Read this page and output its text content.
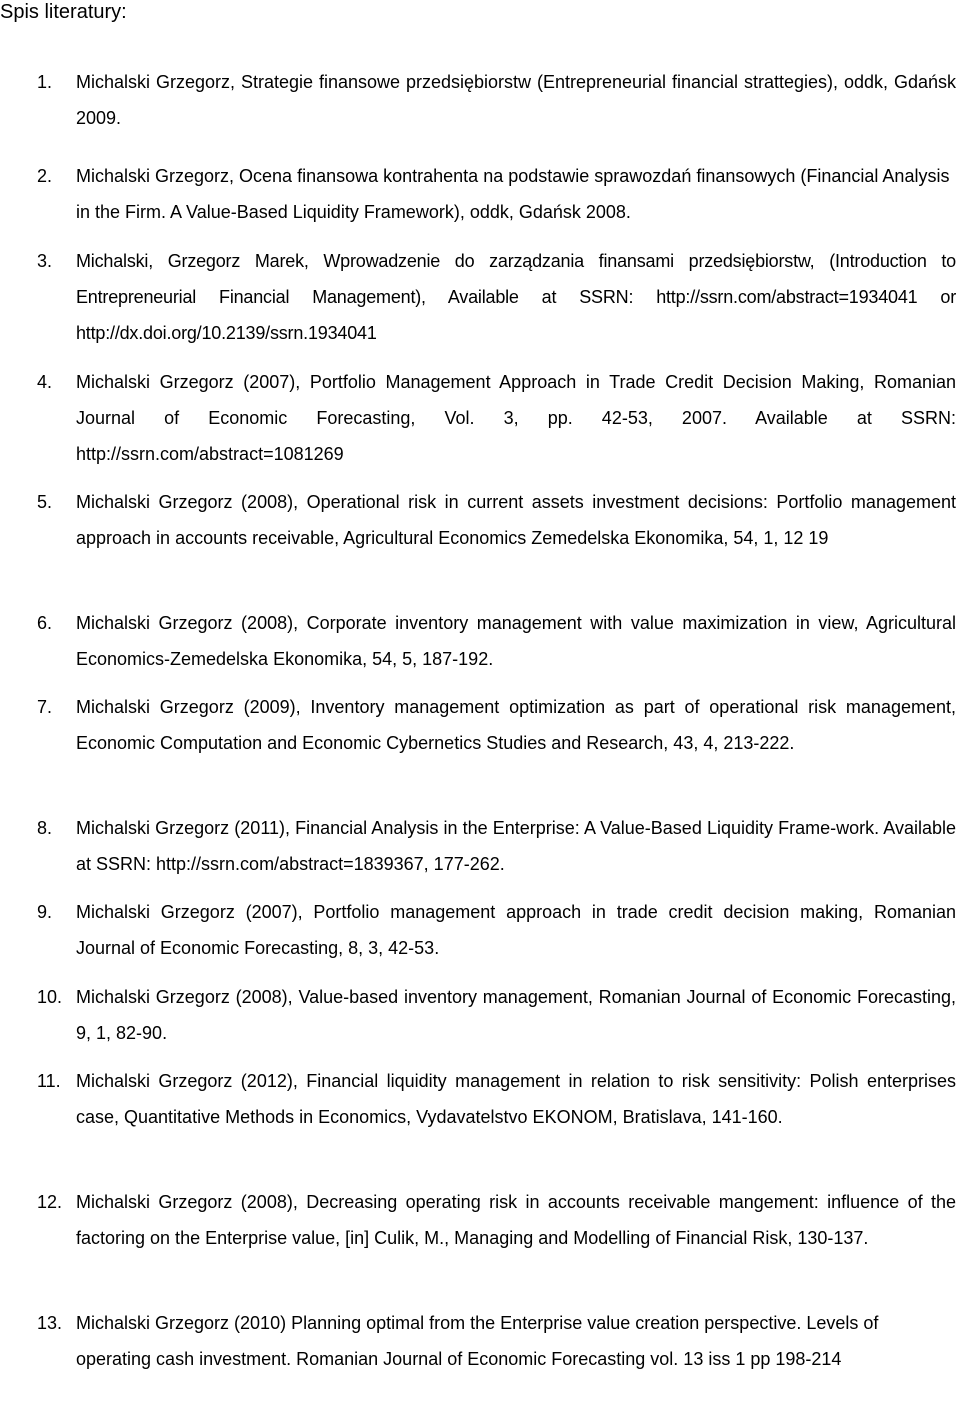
Spis literatury:
1. Michalski Grzegorz, Strategie finansowe przedsiębiorstw (Entrepreneurial financial strattegies), oddk, Gdańsk 2009.

2. Michalski Grzegorz, Ocena finansowa kontrahenta na podstawie sprawozdań finansowych (Financial Analysis in the Firm. A Value-Based Liquidity Framework), oddk, Gdańsk 2008.

3. Michalski, Grzegorz Marek, Wprowadzenie do zarządzania finansami przedsiębiorstw, (Introduction to Entrepreneurial Financial Management), Available at SSRN: http://ssrn.com/abstract=1934041 or http://dx.doi.org/10.2139/ssrn.1934041

4. Michalski Grzegorz (2007), Portfolio Management Approach in Trade Credit Decision Making, Romanian Journal of Economic Forecasting, Vol. 3, pp. 42-53, 2007. Available at SSRN: http://ssrn.com/abstract=1081269

5. Michalski Grzegorz (2008), Operational risk in current assets investment decisions: Portfolio management approach in accounts receivable, Agricultural Economics Zemedelska Ekonomika, 54, 1, 12 19

6. Michalski Grzegorz (2008), Corporate inventory management with value maximization in view, Agricultural Economics-Zemedelska Ekonomika, 54, 5, 187-192.

7. Michalski Grzegorz (2009), Inventory management optimization as part of operational risk management, Economic Computation and Economic Cybernetics Studies and Research, 43, 4, 213-222.

8. Michalski Grzegorz (2011), Financial Analysis in the Enterprise: A Value-Based Liquidity Frame-work. Available at SSRN: http://ssrn.com/abstract=1839367, 177-262.

9. Michalski Grzegorz (2007), Portfolio management approach in trade credit decision making, Romanian Journal of Economic Forecasting, 8, 3, 42-53.

10. Michalski Grzegorz (2008), Value-based inventory management, Romanian Journal of Economic Forecasting, 9, 1, 82-90.

11. Michalski Grzegorz (2012), Financial liquidity management in relation to risk sensitivity: Polish enterprises case, Quantitative Methods in Economics, Vydavatelstvo EKONOM, Bratislava, 141-160.

12. Michalski Grzegorz (2008), Decreasing operating risk in accounts receivable mangement: influence of the factoring on the Enterprise value, [in] Culik, M., Managing and Modelling of Financial Risk, 130-137.

13. Michalski Grzegorz (2010) Planning optimal from the Enterprise value creation perspective. Levels of operating cash investment. Romanian Journal of Economic Forecasting vol. 13 iss 1 pp 198-214
